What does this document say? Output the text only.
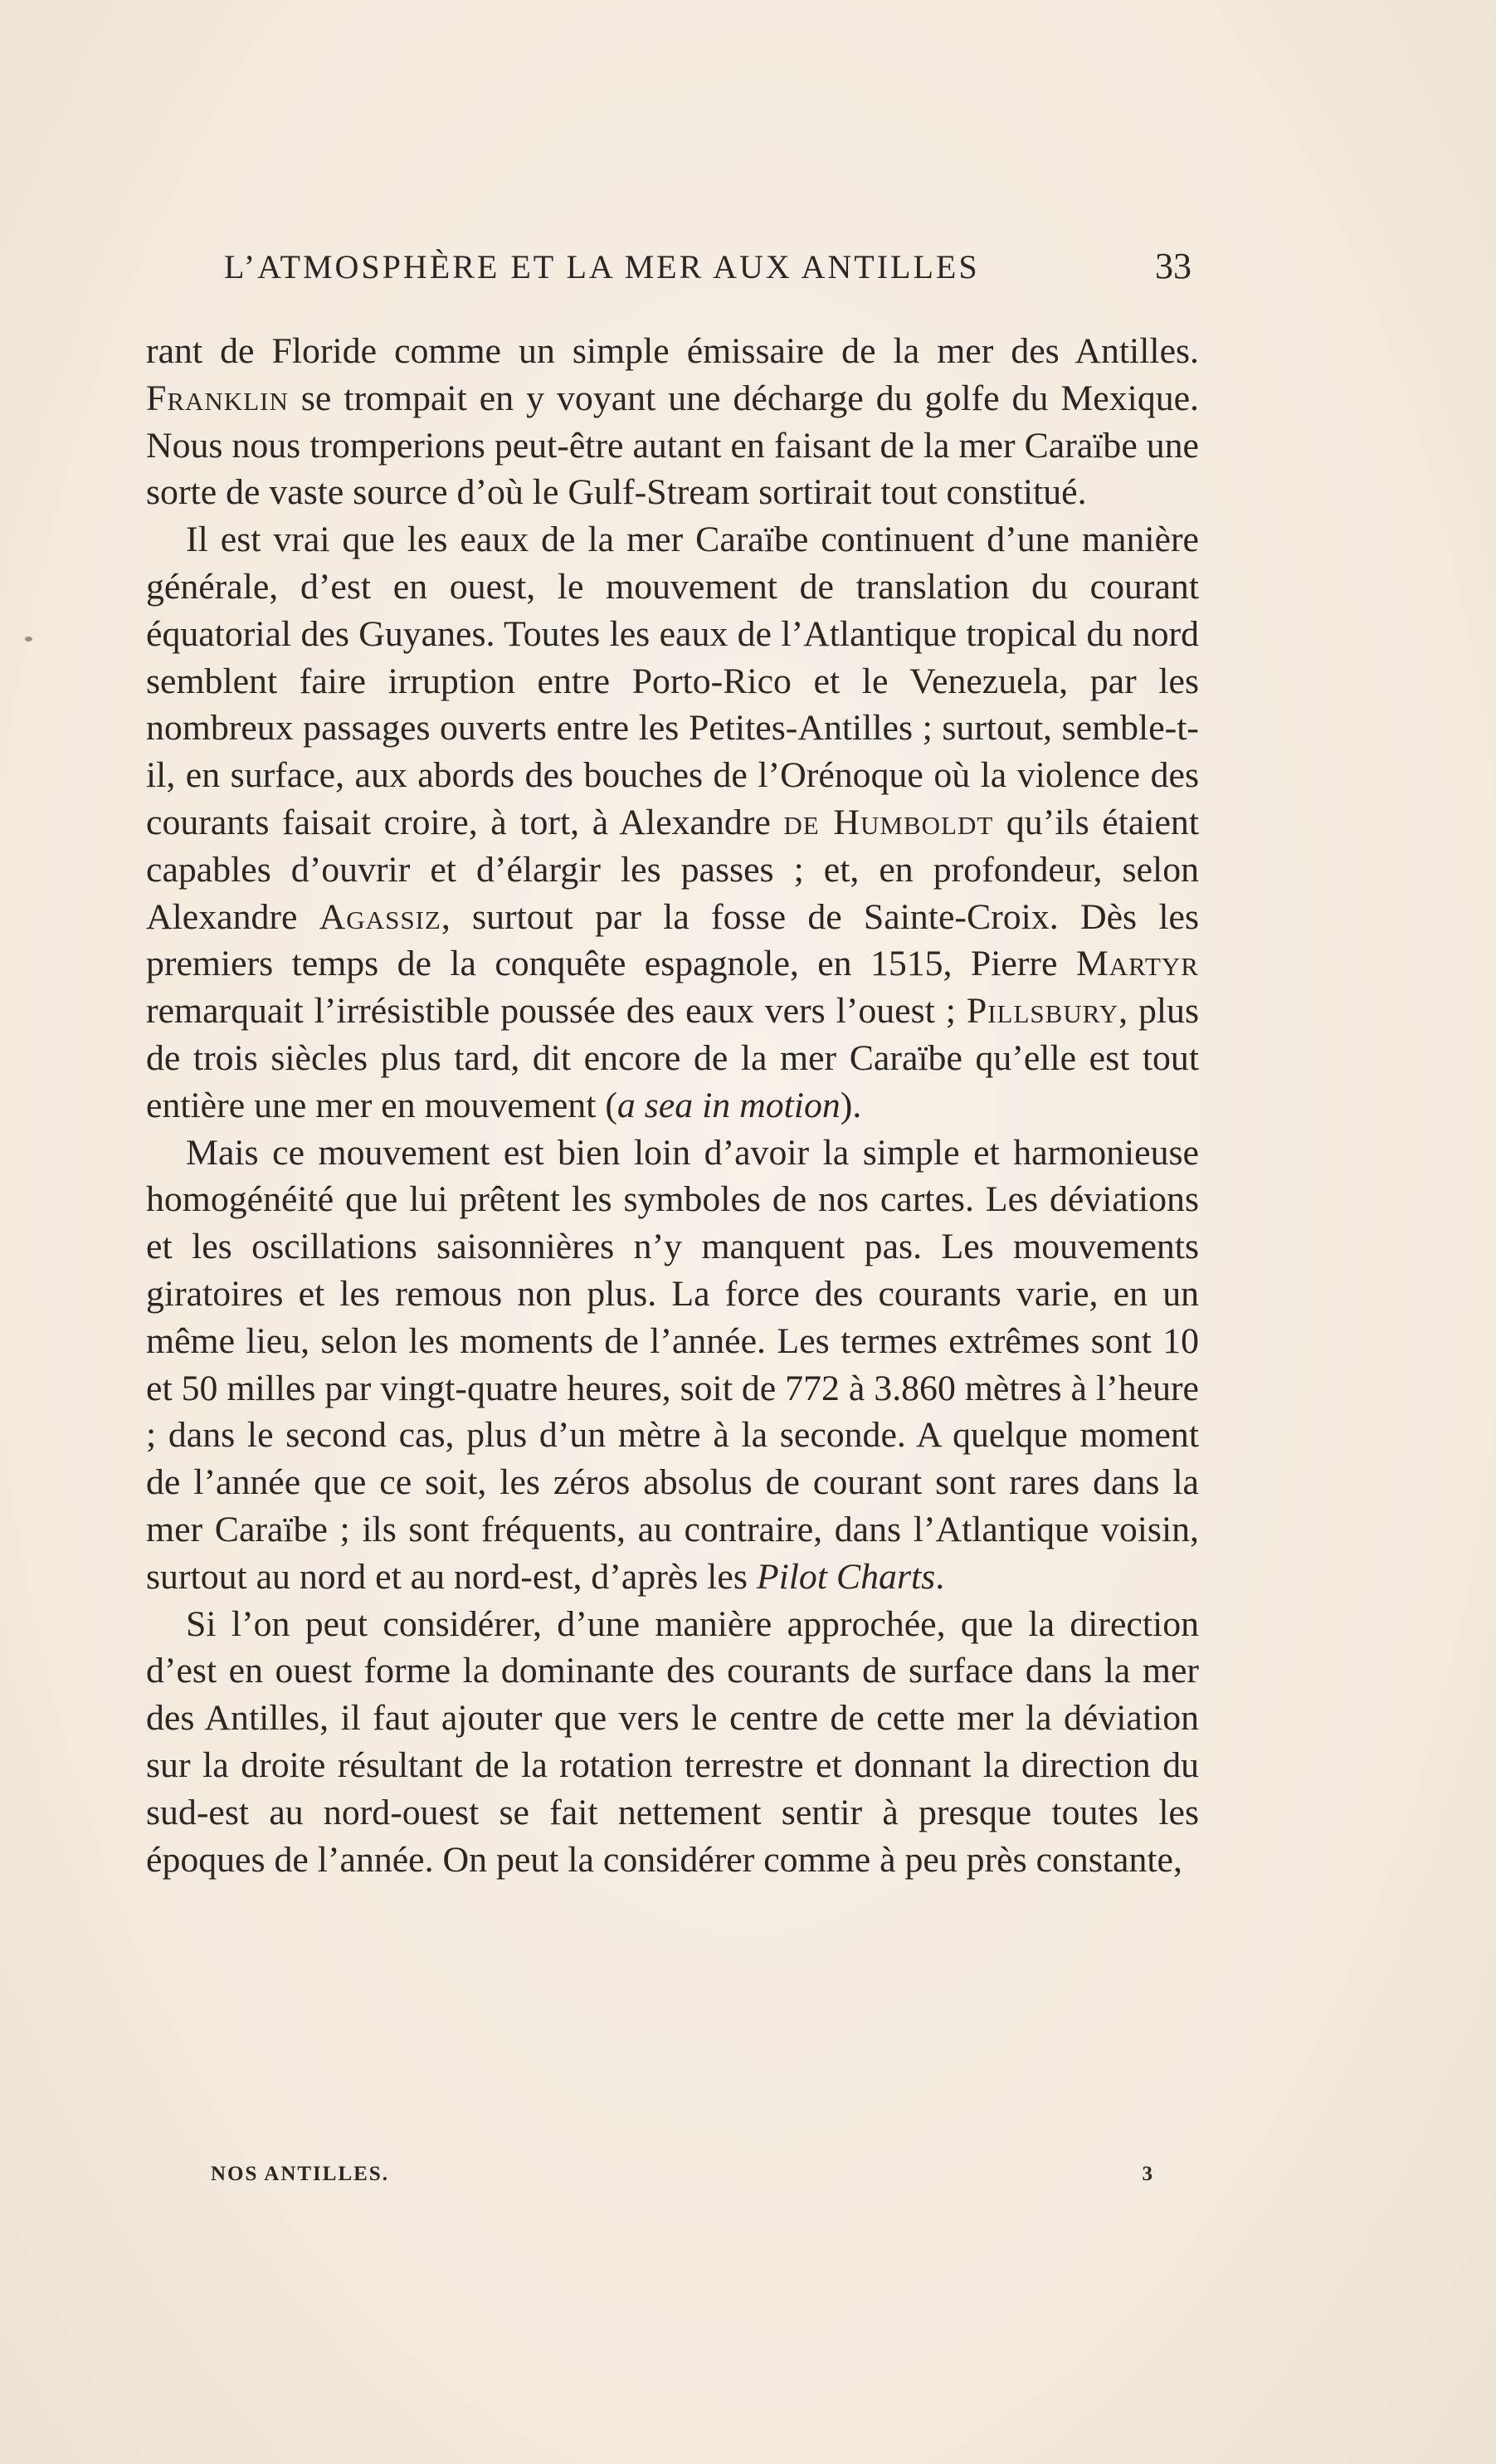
L’ATMOSPHÈRE ET LA MER AUX ANTILLES	33

rant de Floride comme un simple émissaire de la mer des Antilles. Franklin se trompait en y voyant une décharge du golfe du Mexique. Nous nous tromperions peut-être autant en faisant de la mer Caraïbe une sorte de vaste source d’où le Gulf-Stream sortirait tout constitué.

Il est vrai que les eaux de la mer Caraïbe continuent d’une manière générale, d’est en ouest, le mouvement de translation du courant équatorial des Guyanes. Toutes les eaux de l’Atlantique tropical du nord semblent faire irruption entre Porto-Rico et le Venezuela, par les nombreux passages ouverts entre les Petites-Antilles ; surtout, semble-t-il, en surface, aux abords des bouches de l’Orénoque où la violence des courants faisait croire, à tort, à Alexandre de Humboldt qu’ils étaient capables d’ouvrir et d’élargir les passes ; et, en profondeur, selon Alexandre Agassiz, surtout par la fosse de Sainte-Croix. Dès les premiers temps de la conquête espagnole, en 1515, Pierre Martyr remarquait l’irrésistible poussée des eaux vers l’ouest ; Pillsbury, plus de trois siècles plus tard, dit encore de la mer Caraïbe qu’elle est tout entière une mer en mouvement (a sea in motion).

Mais ce mouvement est bien loin d’avoir la simple et harmonieuse homogénéité que lui prêtent les symboles de nos cartes. Les déviations et les oscillations saisonnières n’y manquent pas. Les mouvements giratoires et les remous non plus. La force des courants varie, en un même lieu, selon les moments de l’année. Les termes extrêmes sont 10 et 50 milles par vingt-quatre heures, soit de 772 à 3.860 mètres à l’heure ; dans le second cas, plus d’un mètre à la seconde. A quelque moment de l’année que ce soit, les zéros absolus de courant sont rares dans la mer Caraïbe ; ils sont fréquents, au contraire, dans l’Atlantique voisin, surtout au nord et au nord-est, d’après les Pilot Charts.

Si l’on peut considérer, d’une manière approchée, que la direction d’est en ouest forme la dominante des courants de surface dans la mer des Antilles, il faut ajouter que vers le centre de cette mer la déviation sur la droite résultant de la rotation terrestre et donnant la direction du sud-est au nord-ouest se fait nettement sentir à presque toutes les époques de l’année. On peut la considérer comme à peu près constante,

NOS ANTILLES.	3
